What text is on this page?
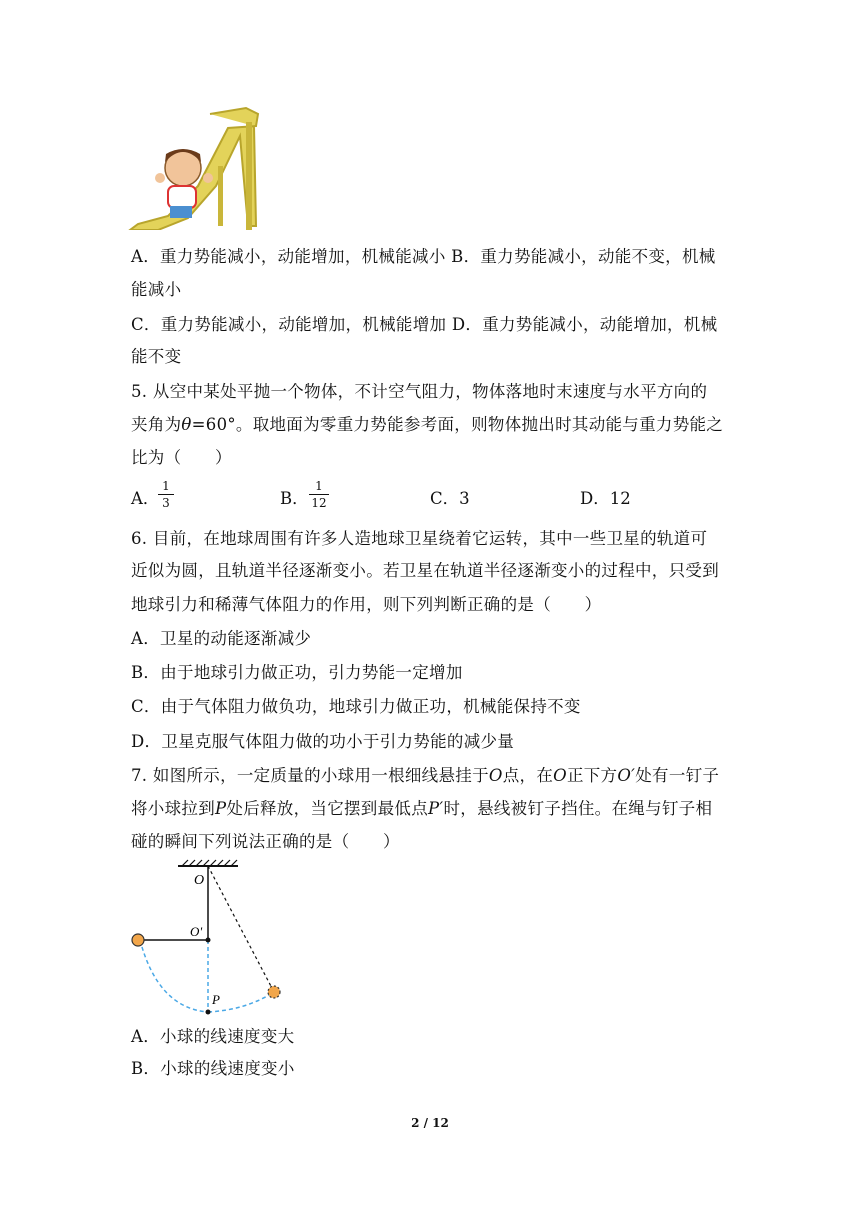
A．重力势能减小，动能增加，机械能减小 B．重力势能减小，动能不变，机械
能减小
C．重力势能减小，动能增加，机械能增加 D．重力势能减小，动能增加，机械
能不变
5. 从空中某处平抛一个物体，不计空气阻力，物体落地时末速度与水平方向的
夹角为θ=60°。取地面为零重力势能参考面，则物体抛出时其动能与重力势能之
比为（　　）
A．
1
3	B．
1
12	C．3	D．12
6. 目前，在地球周围有许多人造地球卫星绕着它运转，其中一些卫星的轨道可
近似为圆，且轨道半径逐渐变小。若卫星在轨道半径逐渐变小的过程中，只受到
地球引力和稀薄气体阻力的作用，则下列判断正确的是（　　）
A．卫星的动能逐渐减少
B．由于地球引力做正功，引力势能一定增加
C．由于气体阻力做负功，地球引力做正功，机械能保持不变
D．卫星克服气体阻力做的功小于引力势能的减少量
7. 如图所示，一定质量的小球用一根细线悬挂于O点，在O正下方O′处有一钉子
将小球拉到P处后释放，当它摆到最低点P′时，悬线被钉子挡住。在绳与钉子相
碰的瞬间下列说法正确的是（　　）
O
O'
P
A．小球的线速度变大
B．小球的线速度变小
2 / 12
